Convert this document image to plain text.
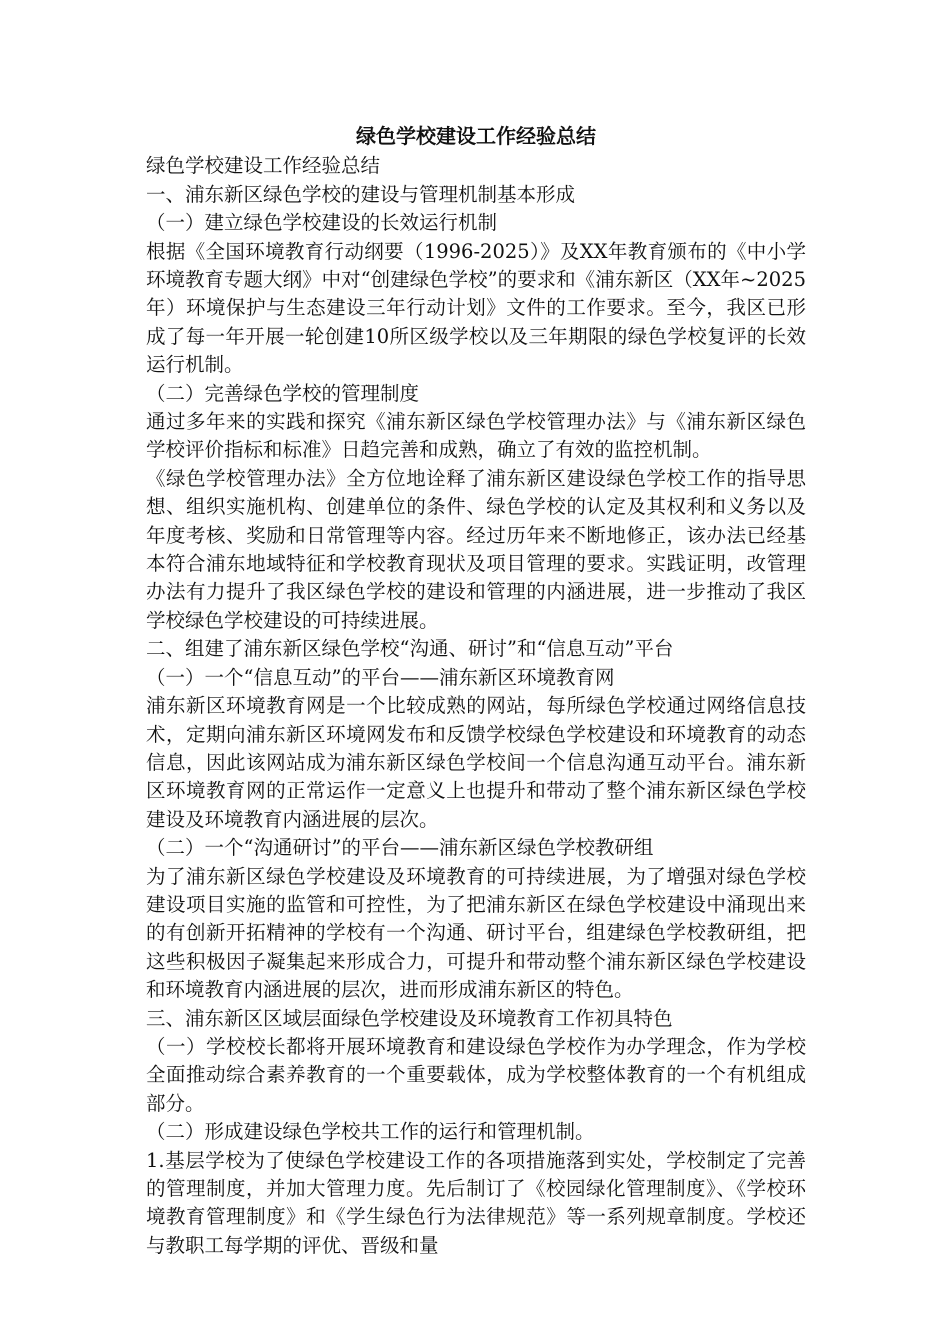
绿色学校建设工作经验总结

绿色学校建设工作经验总结

一、浦东新区绿色学校的建设与管理机制基本形成

（一）建立绿色学校建设的长效运行机制

根据《全国环境教育行动纲要（1996-2025）》及XX年教育颁布的《中小学环境教育专题大纲》中对“创建绿色学校”的要求和《浦东新区（XX年~2025年）环境保护与生态建设三年行动计划》文件的工作要求。至今，我区已形成了每一年开展一轮创建10所区级学校以及三年期限的绿色学校复评的长效运行机制。

（二）完善绿色学校的管理制度

通过多年来的实践和探究《浦东新区绿色学校管理办法》与《浦东新区绿色学校评价指标和标准》日趋完善和成熟，确立了有效的监控机制。

《绿色学校管理办法》全方位地诠释了浦东新区建设绿色学校工作的指导思想、组织实施机构、创建单位的条件、绿色学校的认定及其权利和义务以及年度考核、奖励和日常管理等内容。经过历年来不断地修正，该办法已经基本符合浦东地域特征和学校教育现状及项目管理的要求。实践证明，改管理办法有力提升了我区绿色学校的建设和管理的内涵进展，进一步推动了我区学校绿色学校建设的可持续进展。

二、组建了浦东新区绿色学校“沟通、研讨”和“信息互动”平台

（一）一个“信息互动”的平台——浦东新区环境教育网

浦东新区环境教育网是一个比较成熟的网站，每所绿色学校通过网络信息技术，定期向浦东新区环境网发布和反馈学校绿色学校建设和环境教育的动态信息，因此该网站成为浦东新区绿色学校间一个信息沟通互动平台。浦东新区环境教育网的正常运作一定意义上也提升和带动了整个浦东新区绿色学校建设及环境教育内涵进展的层次。

（二）一个“沟通研讨”的平台——浦东新区绿色学校教研组

为了浦东新区绿色学校建设及环境教育的可持续进展，为了增强对绿色学校建设项目实施的监管和可控性，为了把浦东新区在绿色学校建设中涌现出来的有创新开拓精神的学校有一个沟通、研讨平台，组建绿色学校教研组，把这些积极因子凝集起来形成合力，可提升和带动整个浦东新区绿色学校建设和环境教育内涵进展的层次，进而形成浦东新区的特色。

三、浦东新区区域层面绿色学校建设及环境教育工作初具特色

（一）学校校长都将开展环境教育和建设绿色学校作为办学理念，作为学校全面推动综合素养教育的一个重要载体，成为学校整体教育的一个有机组成部分。

（二）形成建设绿色学校共工作的运行和管理机制。

1.基层学校为了使绿色学校建设工作的各项措施落到实处，学校制定了完善的管理制度，并加大管理力度。先后制订了《校园绿化管理制度》、《学校环境教育管理制度》和《学生绿色行为法律规范》等一系列规章制度。学校还与教职工每学期的评优、晋级和量
